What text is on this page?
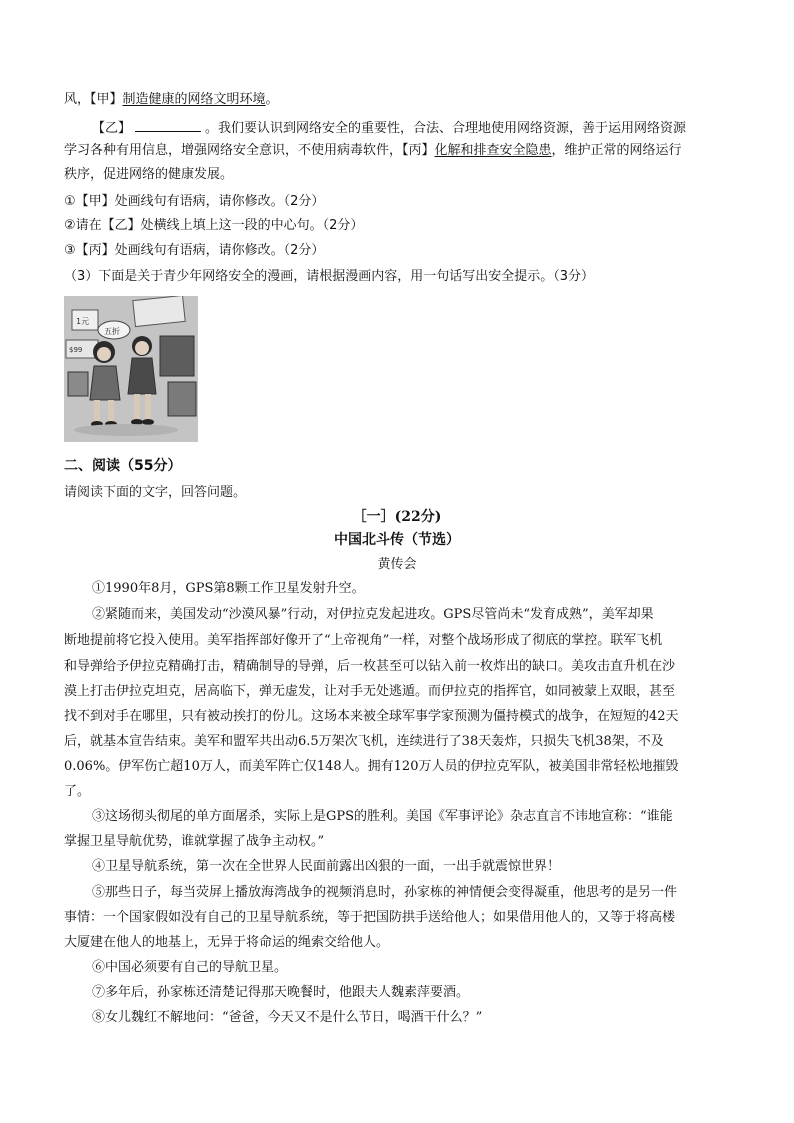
风，【甲】制造健康的网络文明环境。
【乙】	。我们要认识到网络安全的重要性，合法、合理地使用网络资源，善于运用网络资源
学习各种有用信息，增强网络安全意识，不使用病毒软件，【丙】化解和排查安全隐患，维护正常的网络运行
秩序，促进网络的健康发展。
①【甲】处画线句有语病，请你修改。（2分）
②请在【乙】处横线上填上这一段的中心句。（2分）
③【丙】处画线句有语病，请你修改。（2分）
（3）下面是关于青少年网络安全的漫画，请根据漫画内容，用一句话写出安全提示。（3分）
1元
$99
五折
二、阅读（55分）
请阅读下面的文字，回答问题。
［一］(22分)
中国北斗传（节选）
黄传会
①1990年8月，GPS第8颗工作卫星发射升空。
②紧随而来，美国发动“沙漠风暴”行动，对伊拉克发起进攻。GPS尽管尚未“发育成熟”，美军却果
断地提前将它投入使用。美军指挥部好像开了“上帝视角”一样，对整个战场形成了彻底的掌控。联军飞机
和导弹给予伊拉克精确打击，精确制导的导弹，后一枚甚至可以钻入前一枚炸出的缺口。美攻击直升机在沙
漠上打击伊拉克坦克，居高临下，弹无虚发，让对手无处逃遁。而伊拉克的指挥官，如同被蒙上双眼，甚至
找不到对手在哪里，只有被动挨打的份儿。这场本来被全球军事学家预测为僵持模式的战争，在短短的42天
后，就基本宣告结束。美军和盟军共出动6.5万架次飞机，连续进行了38天轰炸，只损失飞机38架，不及
0.06%。伊军伤亡超10万人，而美军阵亡仅148人。拥有120万人员的伊拉克军队，被美国非常轻松地摧毁
了。
③这场彻头彻尾的单方面屠杀，实际上是GPS的胜利。美国《军事评论》杂志直言不讳地宣称：“谁能
掌握卫星导航优势，谁就掌握了战争主动权。”
④卫星导航系统，第一次在全世界人民面前露出凶狠的一面，一出手就震惊世界！
⑤那些日子，每当荧屏上播放海湾战争的视频消息时，孙家栋的神情便会变得凝重，他思考的是另一件
事情：一个国家假如没有自己的卫星导航系统，等于把国防拱手送给他人；如果借用他人的，又等于将高楼
大厦建在他人的地基上，无异于将命运的绳索交给他人。
⑥中国必须要有自己的导航卫星。
⑦多年后，孙家栋还清楚记得那天晚餐时，他跟夫人魏素萍要酒。
⑧女儿魏红不解地问：“爸爸，今天又不是什么节日，喝酒干什么？”
